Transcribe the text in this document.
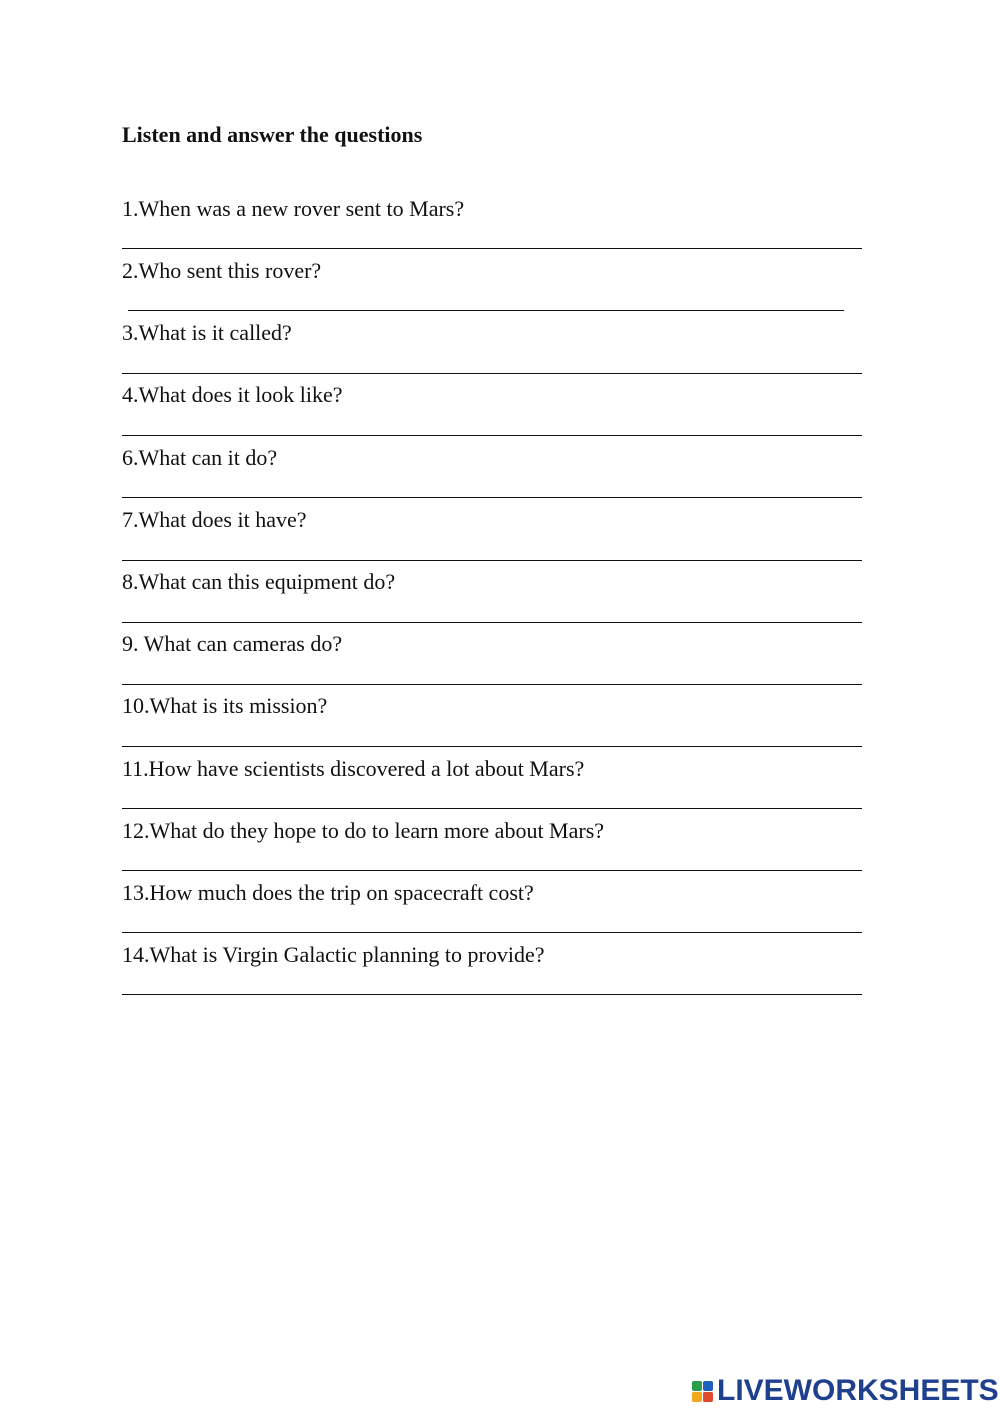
Listen and answer the questions
1.When was a new rover sent to Mars?
2.Who sent this rover?
3.What is it called?
4.What does it look like?
6.What can it do?
7.What does it have?
8.What can this equipment do?
9. What can cameras do?
10.What is its mission?
11.How have scientists discovered a lot about Mars?
12.What do they hope to do to learn more about Mars?
13.How much does the trip on spacecraft cost?
14.What is Virgin Galactic planning to provide?
LIVEWORKSHEETS
